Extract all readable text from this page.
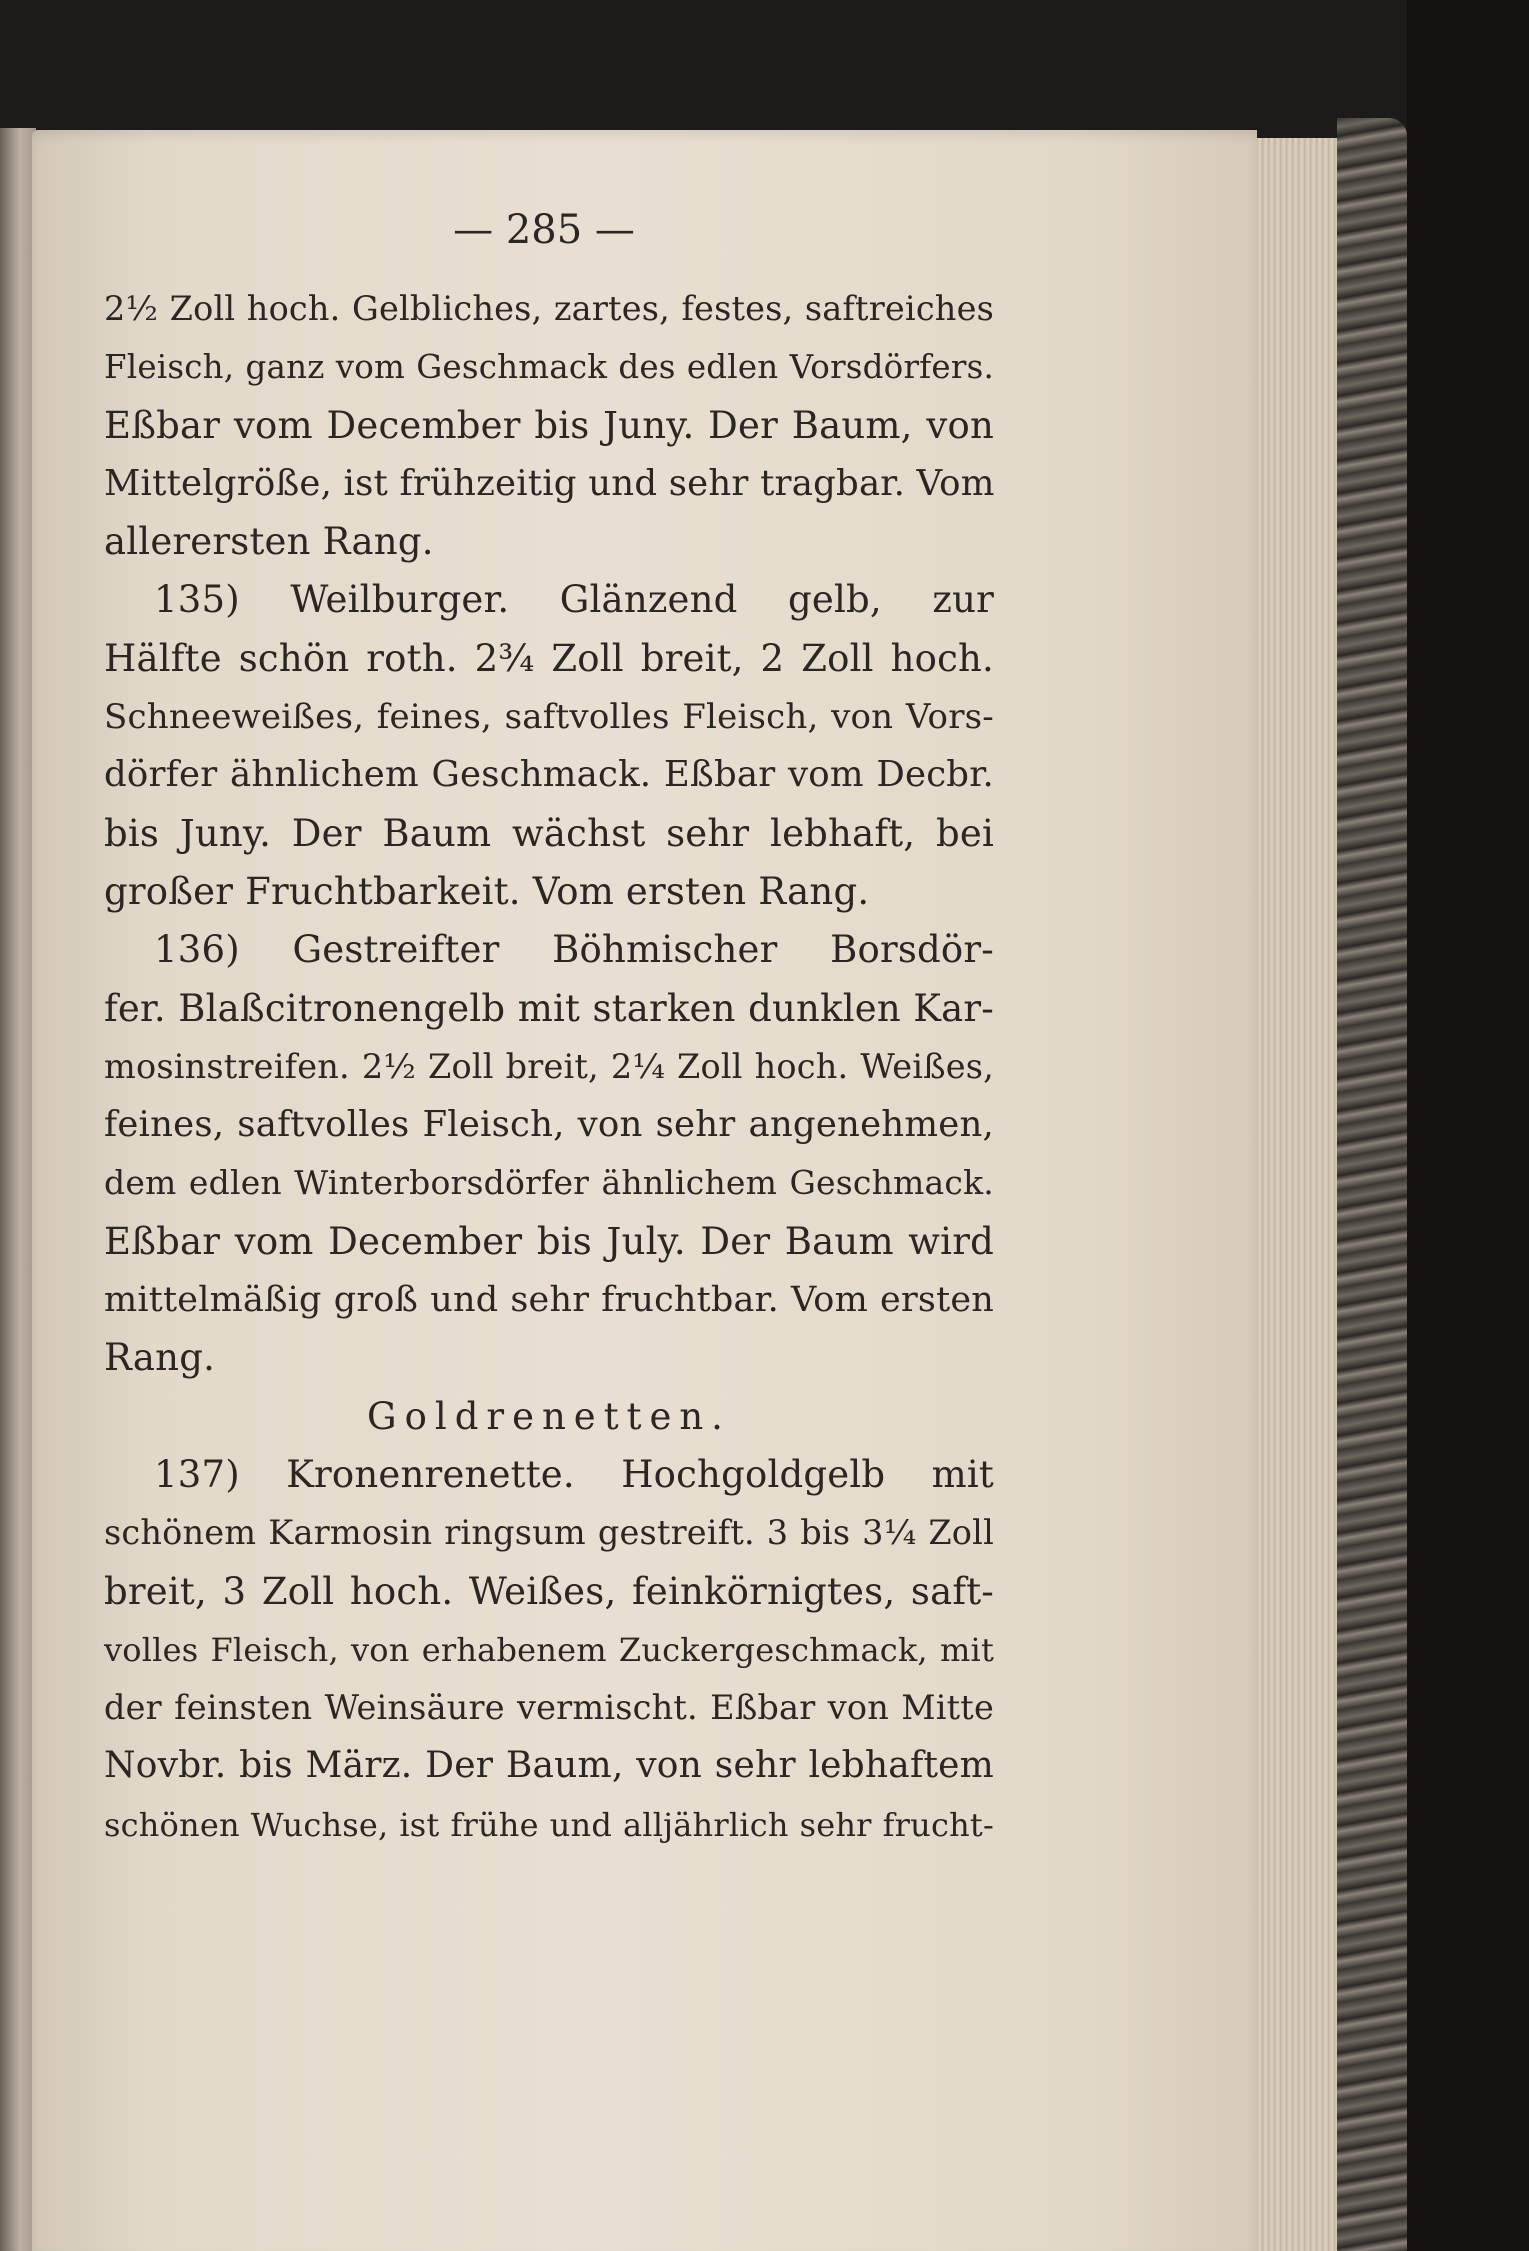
— 285 —
2½ Zoll hoch. Gelbliches, zartes, festes, saftreiches
Fleisch, ganz vom Geschmack des edlen Vorsdörfers.
Eßbar vom December bis Juny. Der Baum, von
Mittelgröße, ist frühzeitig und sehr tragbar. Vom
allerersten Rang.
135) Weilburger. Glänzend gelb, zur
Hälfte schön roth. 2¾ Zoll breit, 2 Zoll hoch.
Schneeweißes, feines, saftvolles Fleisch, von Vors-
dörfer ähnlichem Geschmack. Eßbar vom Decbr.
bis Juny. Der Baum wächst sehr lebhaft, bei
großer Fruchtbarkeit. Vom ersten Rang.
136) Gestreifter Böhmischer Borsdör-
fer. Blaßcitronengelb mit starken dunklen Kar-
mosinstreifen. 2½ Zoll breit, 2¼ Zoll hoch. Weißes,
feines, saftvolles Fleisch, von sehr angenehmen,
dem edlen Winterborsdörfer ähnlichem Geschmack.
Eßbar vom December bis July. Der Baum wird
mittelmäßig groß und sehr fruchtbar. Vom ersten
Rang.
Goldrenetten.
137) Kronenrenette. Hochgoldgelb mit
schönem Karmosin ringsum gestreift. 3 bis 3¼ Zoll
breit, 3 Zoll hoch. Weißes, feinkörnigtes, saft-
volles Fleisch, von erhabenem Zuckergeschmack, mit
der feinsten Weinsäure vermischt. Eßbar von Mitte
Novbr. bis März. Der Baum, von sehr lebhaftem
schönen Wuchse, ist frühe und alljährlich sehr frucht-
